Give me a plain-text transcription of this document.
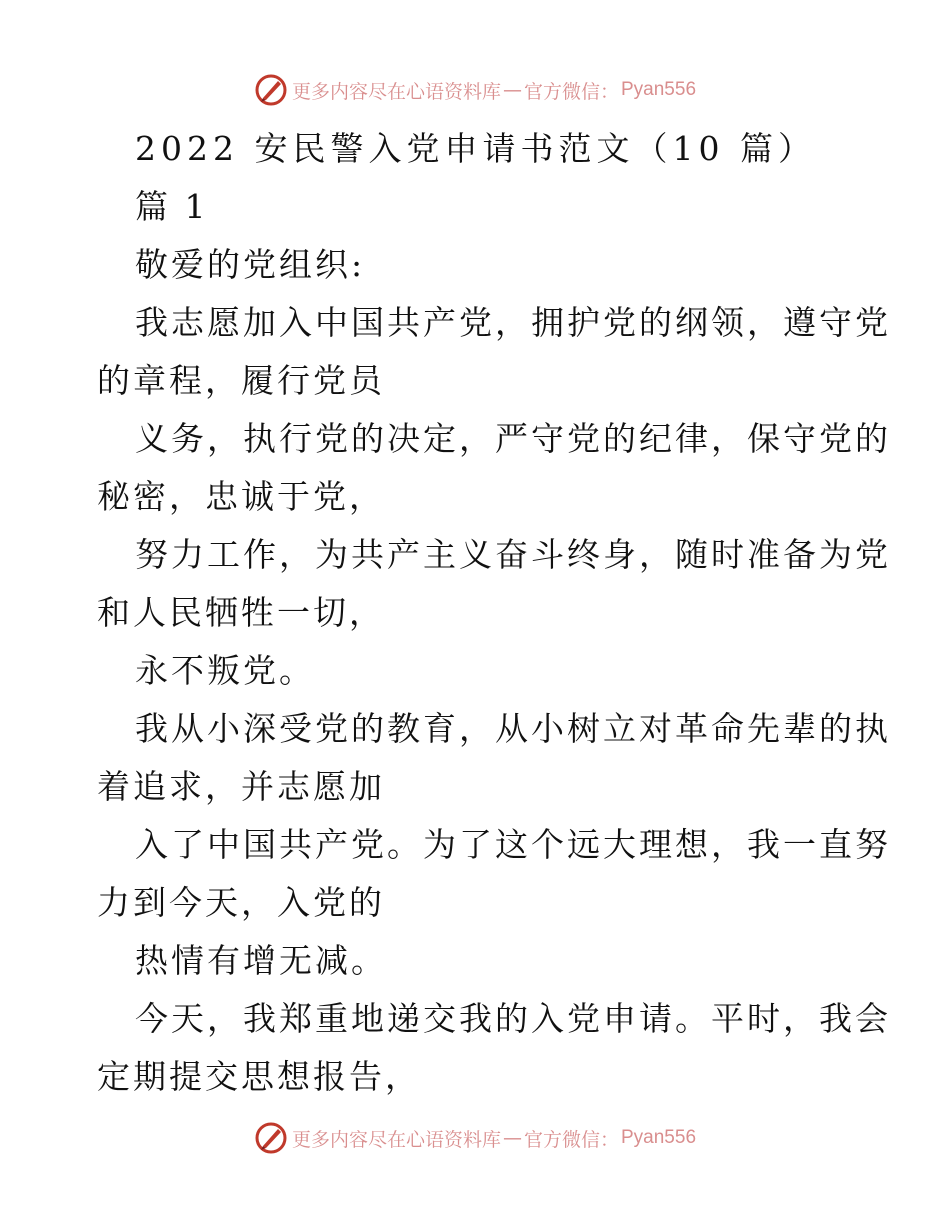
更多内容尽在心语资料库 — 官方微信： Pyan556
2022 安民警入党申请书范文（10 篇）
篇 1
敬爱的党组织:
我志愿加入中国共产党，拥护党的纲领，遵守党
的章程，履行党员
义务，执行党的决定，严守党的纪律，保守党的
秘密，忠诚于党，
努力工作，为共产主义奋斗终身，随时准备为党
和人民牺牲一切，
永不叛党。
我从小深受党的教育，从小树立对革命先辈的执
着追求，并志愿加
入了中国共产党。为了这个远大理想，我一直努
力到今天，入党的
热情有增无减。
今天，我郑重地递交我的入党申请。平时，我会
定期提交思想报告，
更多内容尽在心语资料库 — 官方微信： Pyan556
